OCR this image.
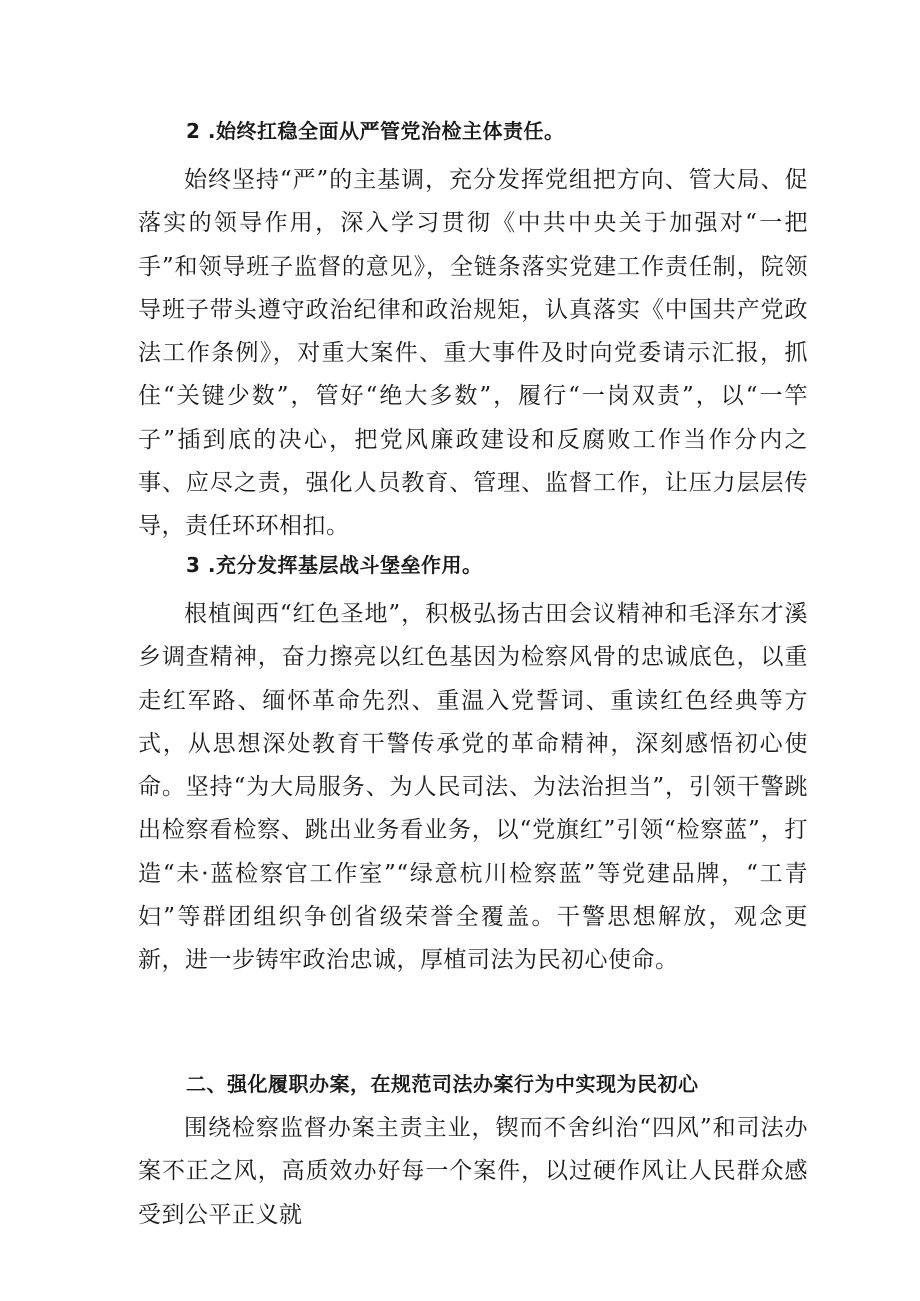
2 .始终扛稳全面从严管党治检主体责任。
始终坚持“严”的主基调，充分发挥党组把方向、管大局、促落实的领导作用，深入学习贯彻《中共中央关于加强对“一把手”和领导班子监督的意见》，全链条落实党建工作责任制，院领导班子带头遵守政治纪律和政治规矩，认真落实《中国共产党政法工作条例》，对重大案件、重大事件及时向党委请示汇报，抓住“关键少数”，管好“绝大多数”，履行“一岗双责”，以“一竿子”插到底的决心，把党风廉政建设和反腐败工作当作分内之事、应尽之责，强化人员教育、管理、监督工作，让压力层层传导，责任环环相扣。
3 .充分发挥基层战斗堡垒作用。
根植闽西“红色圣地”，积极弘扬古田会议精神和毛泽东才溪乡调查精神，奋力擦亮以红色基因为检察风骨的忠诚底色，以重走红军路、缅怀革命先烈、重温入党誓词、重读红色经典等方式，从思想深处教育干警传承党的革命精神，深刻感悟初心使命。坚持“为大局服务、为人民司法、为法治担当”，引领干警跳出检察看检察、跳出业务看业务，以“党旗红”引领“检察蓝”，打造“未·蓝检察官工作室”“绿意杭川检察蓝”等党建品牌，“工青妇”等群团组织争创省级荣誉全覆盖。干警思想解放，观念更新，进一步铸牢政治忠诚，厚植司法为民初心使命。
二、强化履职办案，在规范司法办案行为中实现为民初心
围绕检察监督办案主责主业，锲而不舍纠治“四风”和司法办案不正之风，高质效办好每一个案件，以过硬作风让人民群众感受到公平正义就
